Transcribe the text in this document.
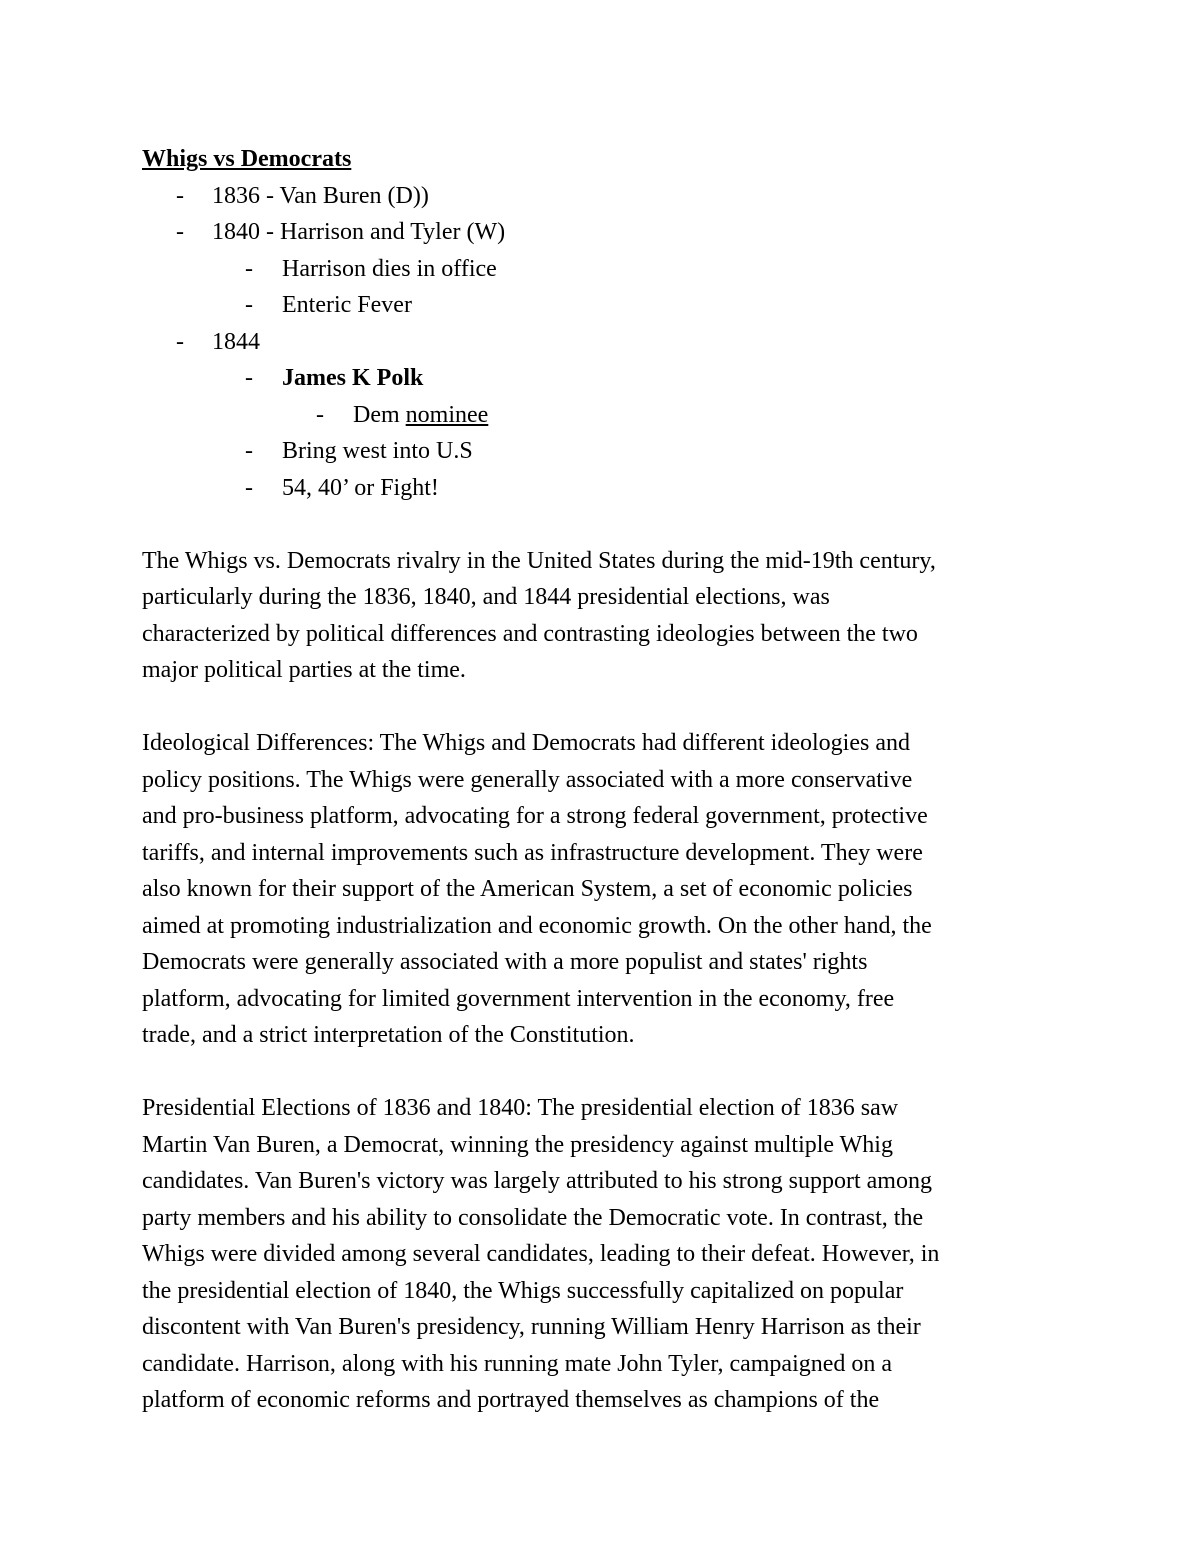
Whigs vs Democrats
- 1836 - Van Buren (D))
- 1840 - Harrison and Tyler (W)
- Harrison dies in office
- Enteric Fever
- 1844
- James K Polk
- Dem nominee
- Bring west into U.S
- 54, 40’ or Fight!
The Whigs vs. Democrats rivalry in the United States during the mid-19th century,
particularly during the 1836, 1840, and 1844 presidential elections, was
characterized by political differences and contrasting ideologies between the two
major political parties at the time.
Ideological Differences: The Whigs and Democrats had different ideologies and
policy positions. The Whigs were generally associated with a more conservative
and pro-business platform, advocating for a strong federal government, protective
tariffs, and internal improvements such as infrastructure development. They were
also known for their support of the American System, a set of economic policies
aimed at promoting industrialization and economic growth. On the other hand, the
Democrats were generally associated with a more populist and states' rights
platform, advocating for limited government intervention in the economy, free
trade, and a strict interpretation of the Constitution.
Presidential Elections of 1836 and 1840: The presidential election of 1836 saw
Martin Van Buren, a Democrat, winning the presidency against multiple Whig
candidates. Van Buren's victory was largely attributed to his strong support among
party members and his ability to consolidate the Democratic vote. In contrast, the
Whigs were divided among several candidates, leading to their defeat. However, in
the presidential election of 1840, the Whigs successfully capitalized on popular
discontent with Van Buren's presidency, running William Henry Harrison as their
candidate. Harrison, along with his running mate John Tyler, campaigned on a
platform of economic reforms and portrayed themselves as champions of the
